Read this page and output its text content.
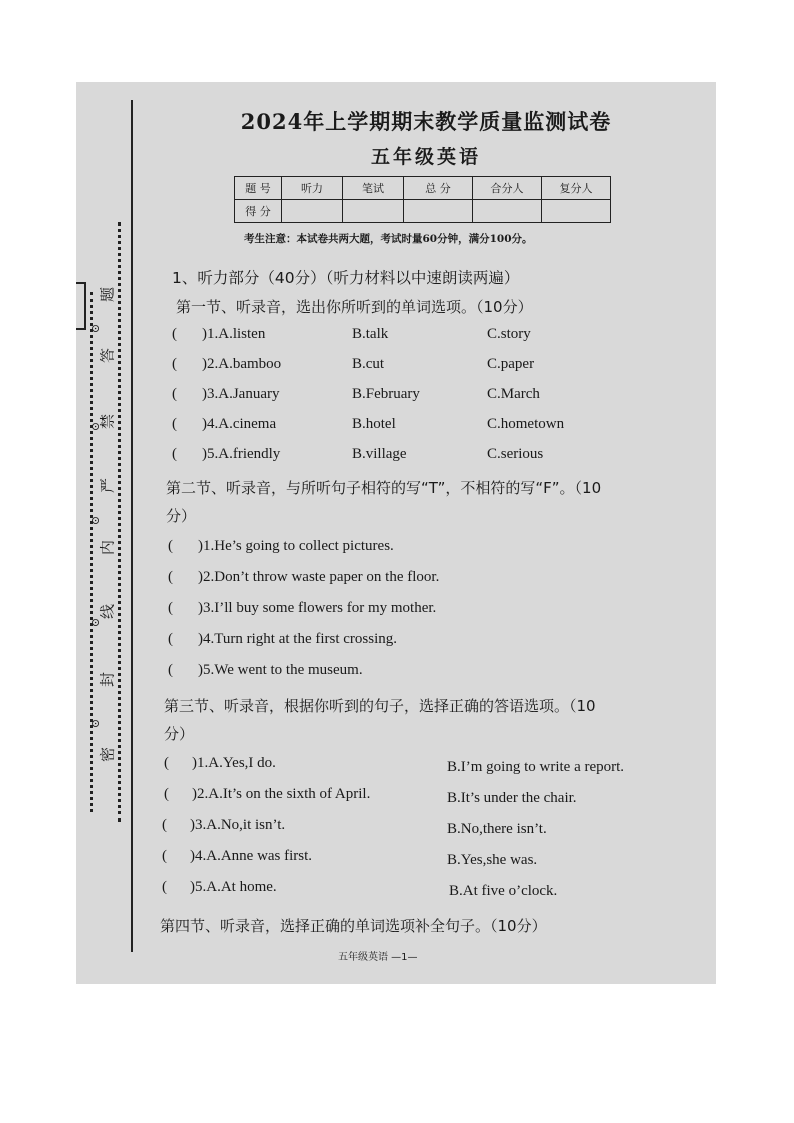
密
封
线
内
严
禁
答
题
⊙
⊙
⊙
⊙
⊙
2024年上学期期末教学质量监测试卷
五年级英语
题 号	听力	笔试	总 分	合分人	复分人
得 分					
考生注意：本试卷共两大题，考试时量60分钟，满分100分。
1、听力部分（40分）（听力材料以中速朗读两遍）
第一节、听录音，选出你所听到的单词选项。（10分）
( )1.A.listen	B.talk	C.story
( )2.A.bamboo	B.cut	C.paper
( )3.A.January	B.February	C.March
( )4.A.cinema	B.hotel	C.hometown
( )5.A.friendly	B.village	C.serious
第二节、听录音，与所听句子相符的写“T”，不相符的写“F”。（10
分）
( )1.He’s going to collect pictures.
( )2.Don’t throw waste paper on the floor.
( )3.I’ll buy some flowers for my mother.
( )4.Turn right at the first crossing.
( )5.We went to the museum.
第三节、听录音，根据你听到的句子，选择正确的答语选项。（10
分）
( )1.A.Yes,I do.	B.I’m going to write a report.
( )2.A.It’s on the sixth of April.	B.It’s under the chair.
( )3.A.No,it isn’t.	B.No,there isn’t.
( )4.A.Anne was first.	B.Yes,she was.
( )5.A.At home.	B.At five o’clock.
第四节、听录音，选择正确的单词选项补全句子。（10分）
五年级英语 —1—
